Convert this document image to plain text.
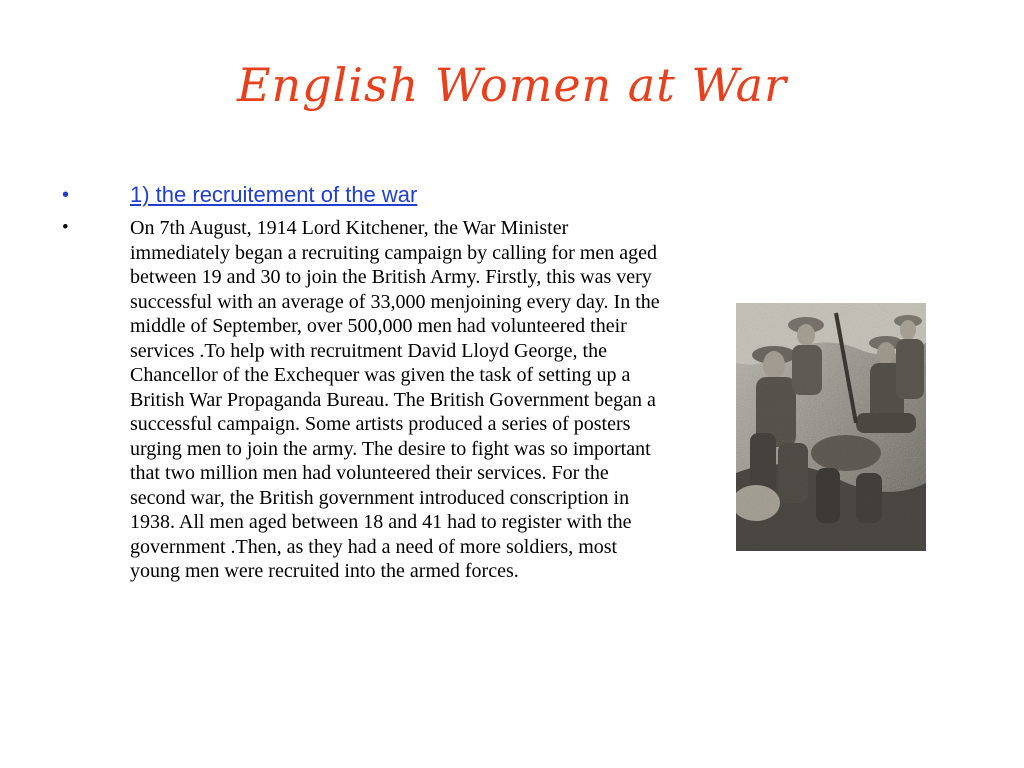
English Women at War
•	1) the recruitement of the war
•	On 7th August, 1914 Lord Kitchener, the War Minister immediately began a recruiting campaign by calling for men aged between 19 and 30 to join the British Army. Firstly, this was very successful with an average of 33,000 menjoining every day. In the middle of September, over 500,000 men had volunteered their services .To help with recruitment David Lloyd George, the Chancellor of the Exchequer was given the task of setting up a British War Propaganda Bureau. The British Government began a successful campaign. Some artists produced a series of posters urging men to join the army. The desire to fight was so important that two million men had volunteered their services. For the second war, the British government introduced conscription in 1938. All men aged between 18 and 41 had to register with the government .Then, as they had a need of more soldiers, most young men were recruited into the armed forces.
